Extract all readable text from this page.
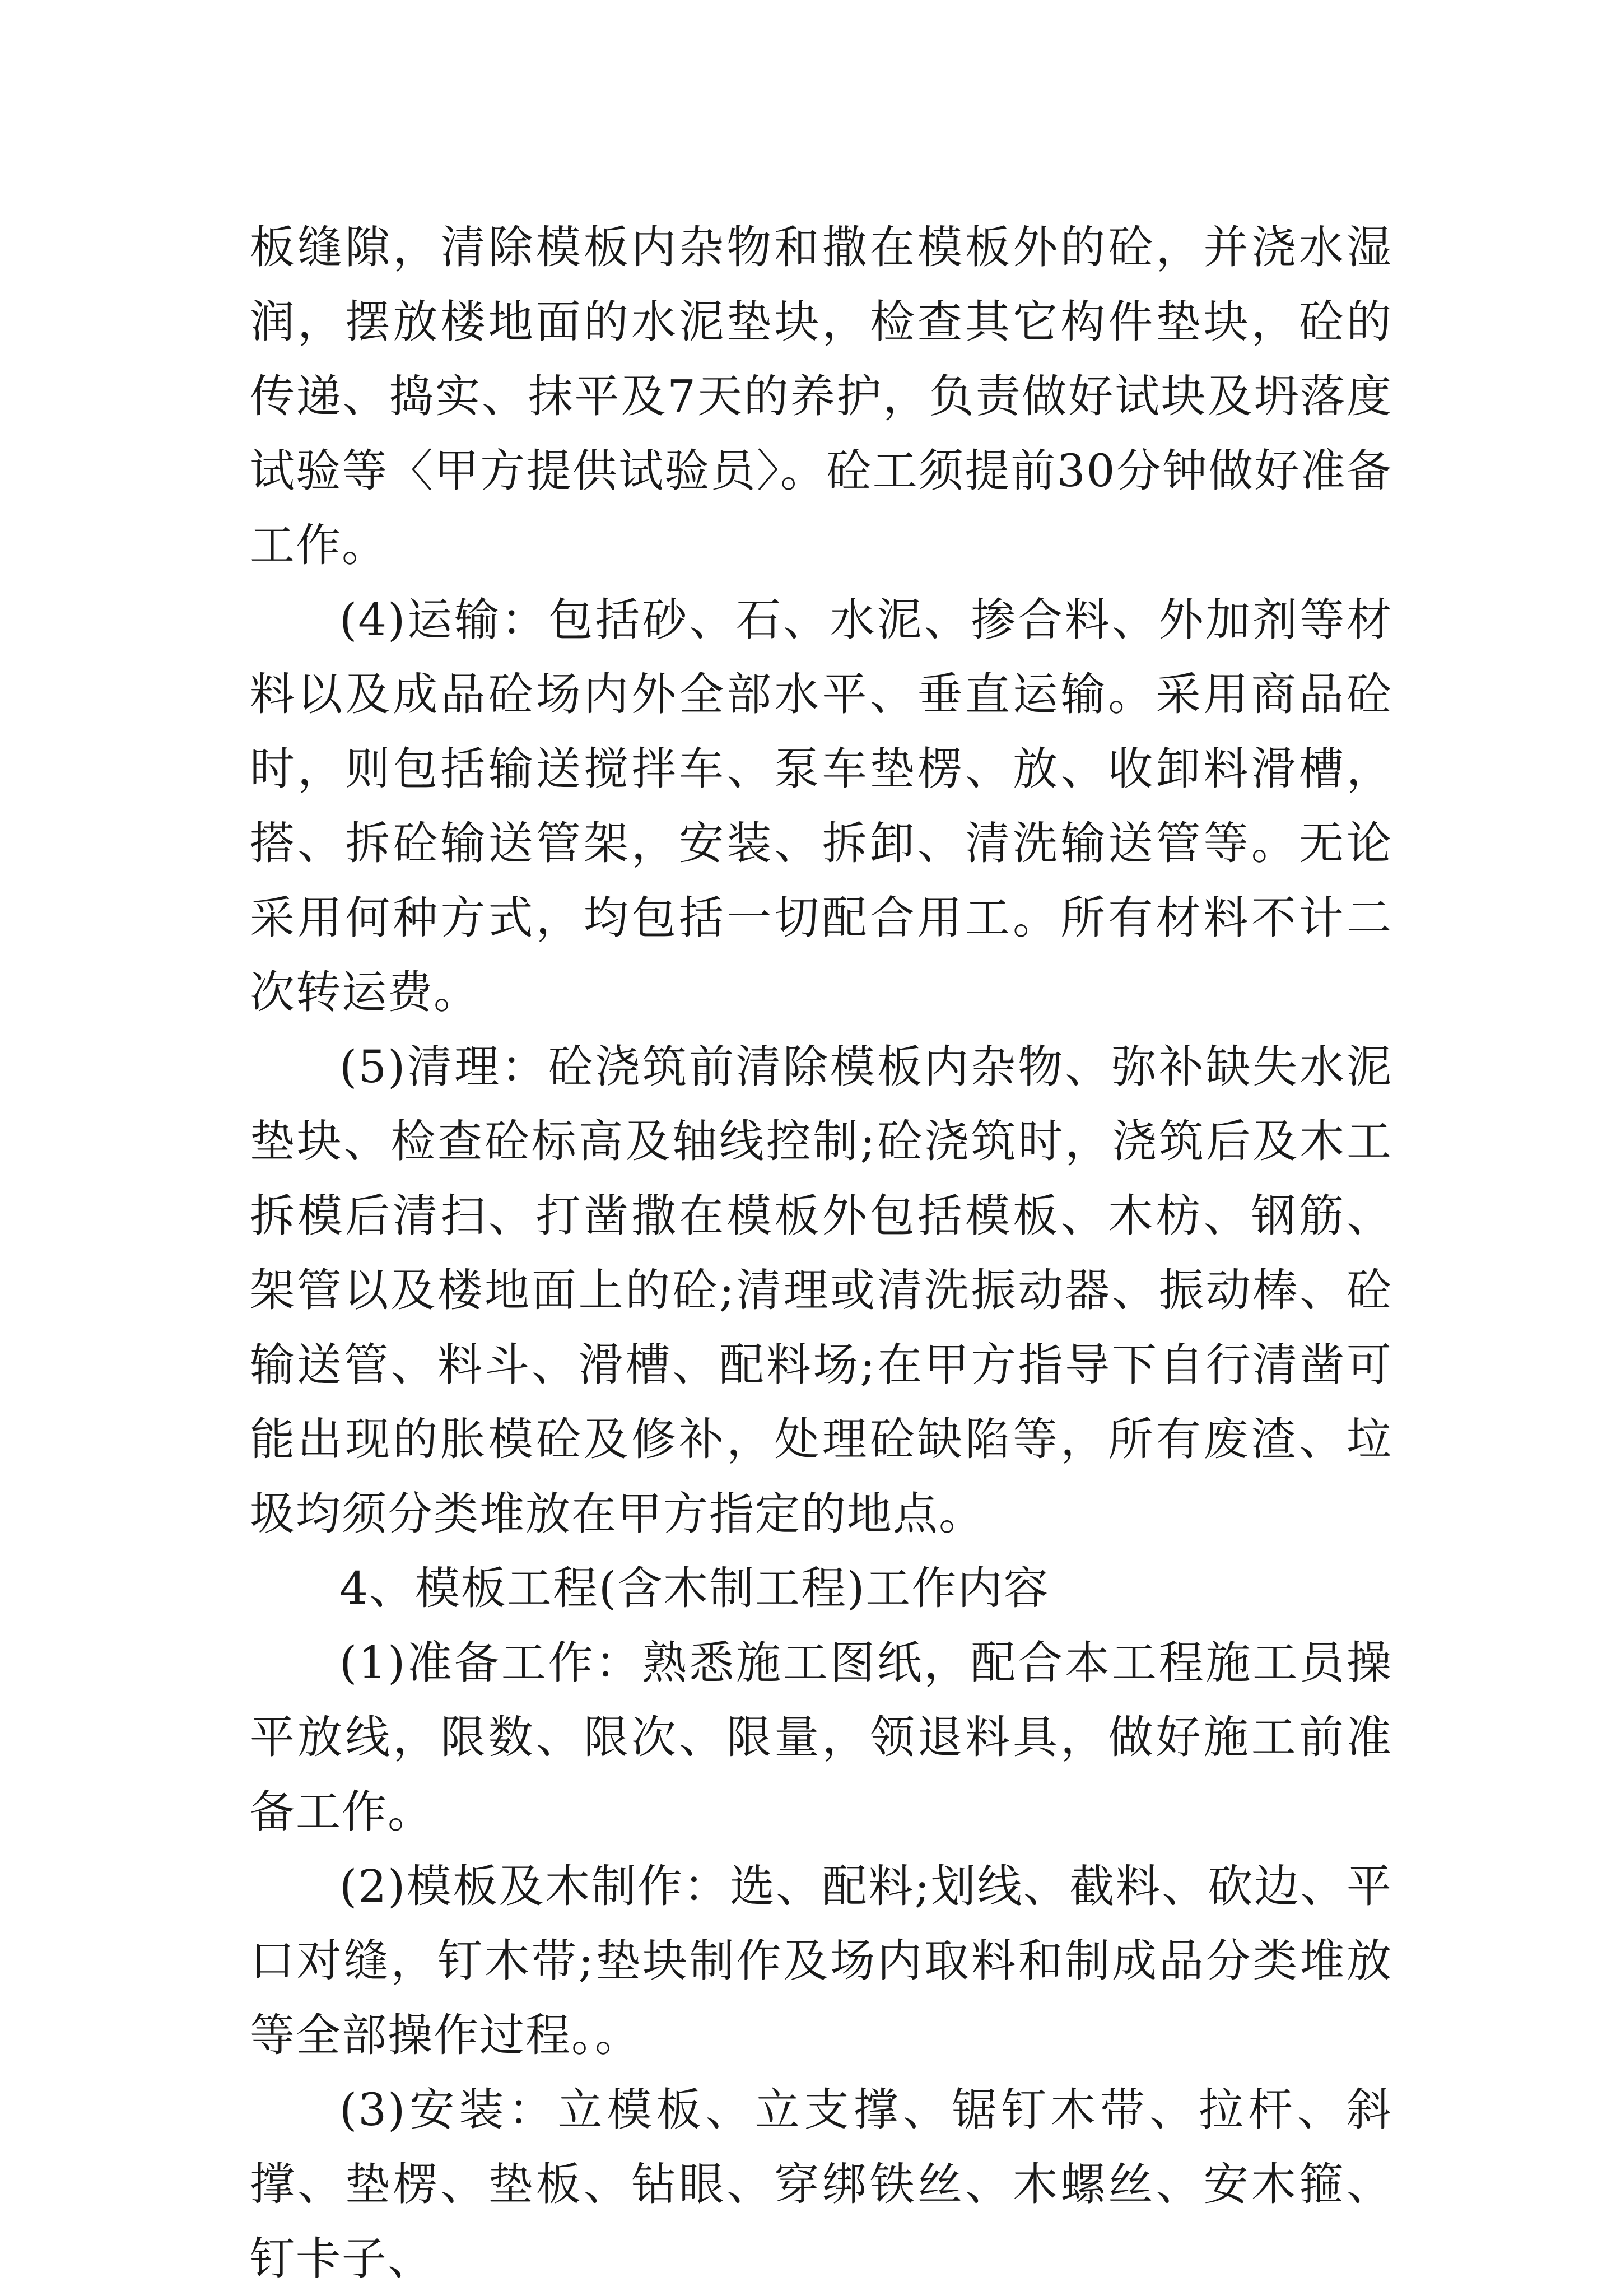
板缝隙，清除模板内杂物和撒在模板外的砼，并浇水湿润，摆放楼地面的水泥垫块，检查其它构件垫块，砼的传递、捣实、抹平及7天的养护，负责做好试块及坍落度试验等〈甲方提供试验员〉。砼工须提前30分钟做好准备工作。

(4)运输：包括砂、石、水泥、掺合料、外加剂等材料以及成品砼场内外全部水平、垂直运输。采用商品砼时，则包括输送搅拌车、泵车垫楞、放、收卸料滑槽，搭、拆砼输送管架，安装、拆卸、清洗输送管等。无论采用何种方式，均包括一切配合用工。所有材料不计二次转运费。

(5)清理：砼浇筑前清除模板内杂物、弥补缺失水泥垫块、检查砼标高及轴线控制;砼浇筑时，浇筑后及木工拆模后清扫、打凿撒在模板外包括模板、木枋、钢筋、架管以及楼地面上的砼;清理或清洗振动器、振动棒、砼输送管、料斗、滑槽、配料场;在甲方指导下自行清凿可能出现的胀模砼及修补，处理砼缺陷等，所有废渣、垃圾均须分类堆放在甲方指定的地点。

4、模板工程(含木制工程)工作内容

(1)准备工作：熟悉施工图纸，配合本工程施工员操平放线，限数、限次、限量，领退料具，做好施工前准备工作。

(2)模板及木制作：选、配料;划线、截料、砍边、平口对缝，钉木带;垫块制作及场内取料和制成品分类堆放等全部操作过程。。

(3)安装：立模板、立支撑、锯钉木带、拉杆、斜撑、垫楞、垫板、钻眼、穿绑铁丝、木螺丝、安木箍、钉卡子、
